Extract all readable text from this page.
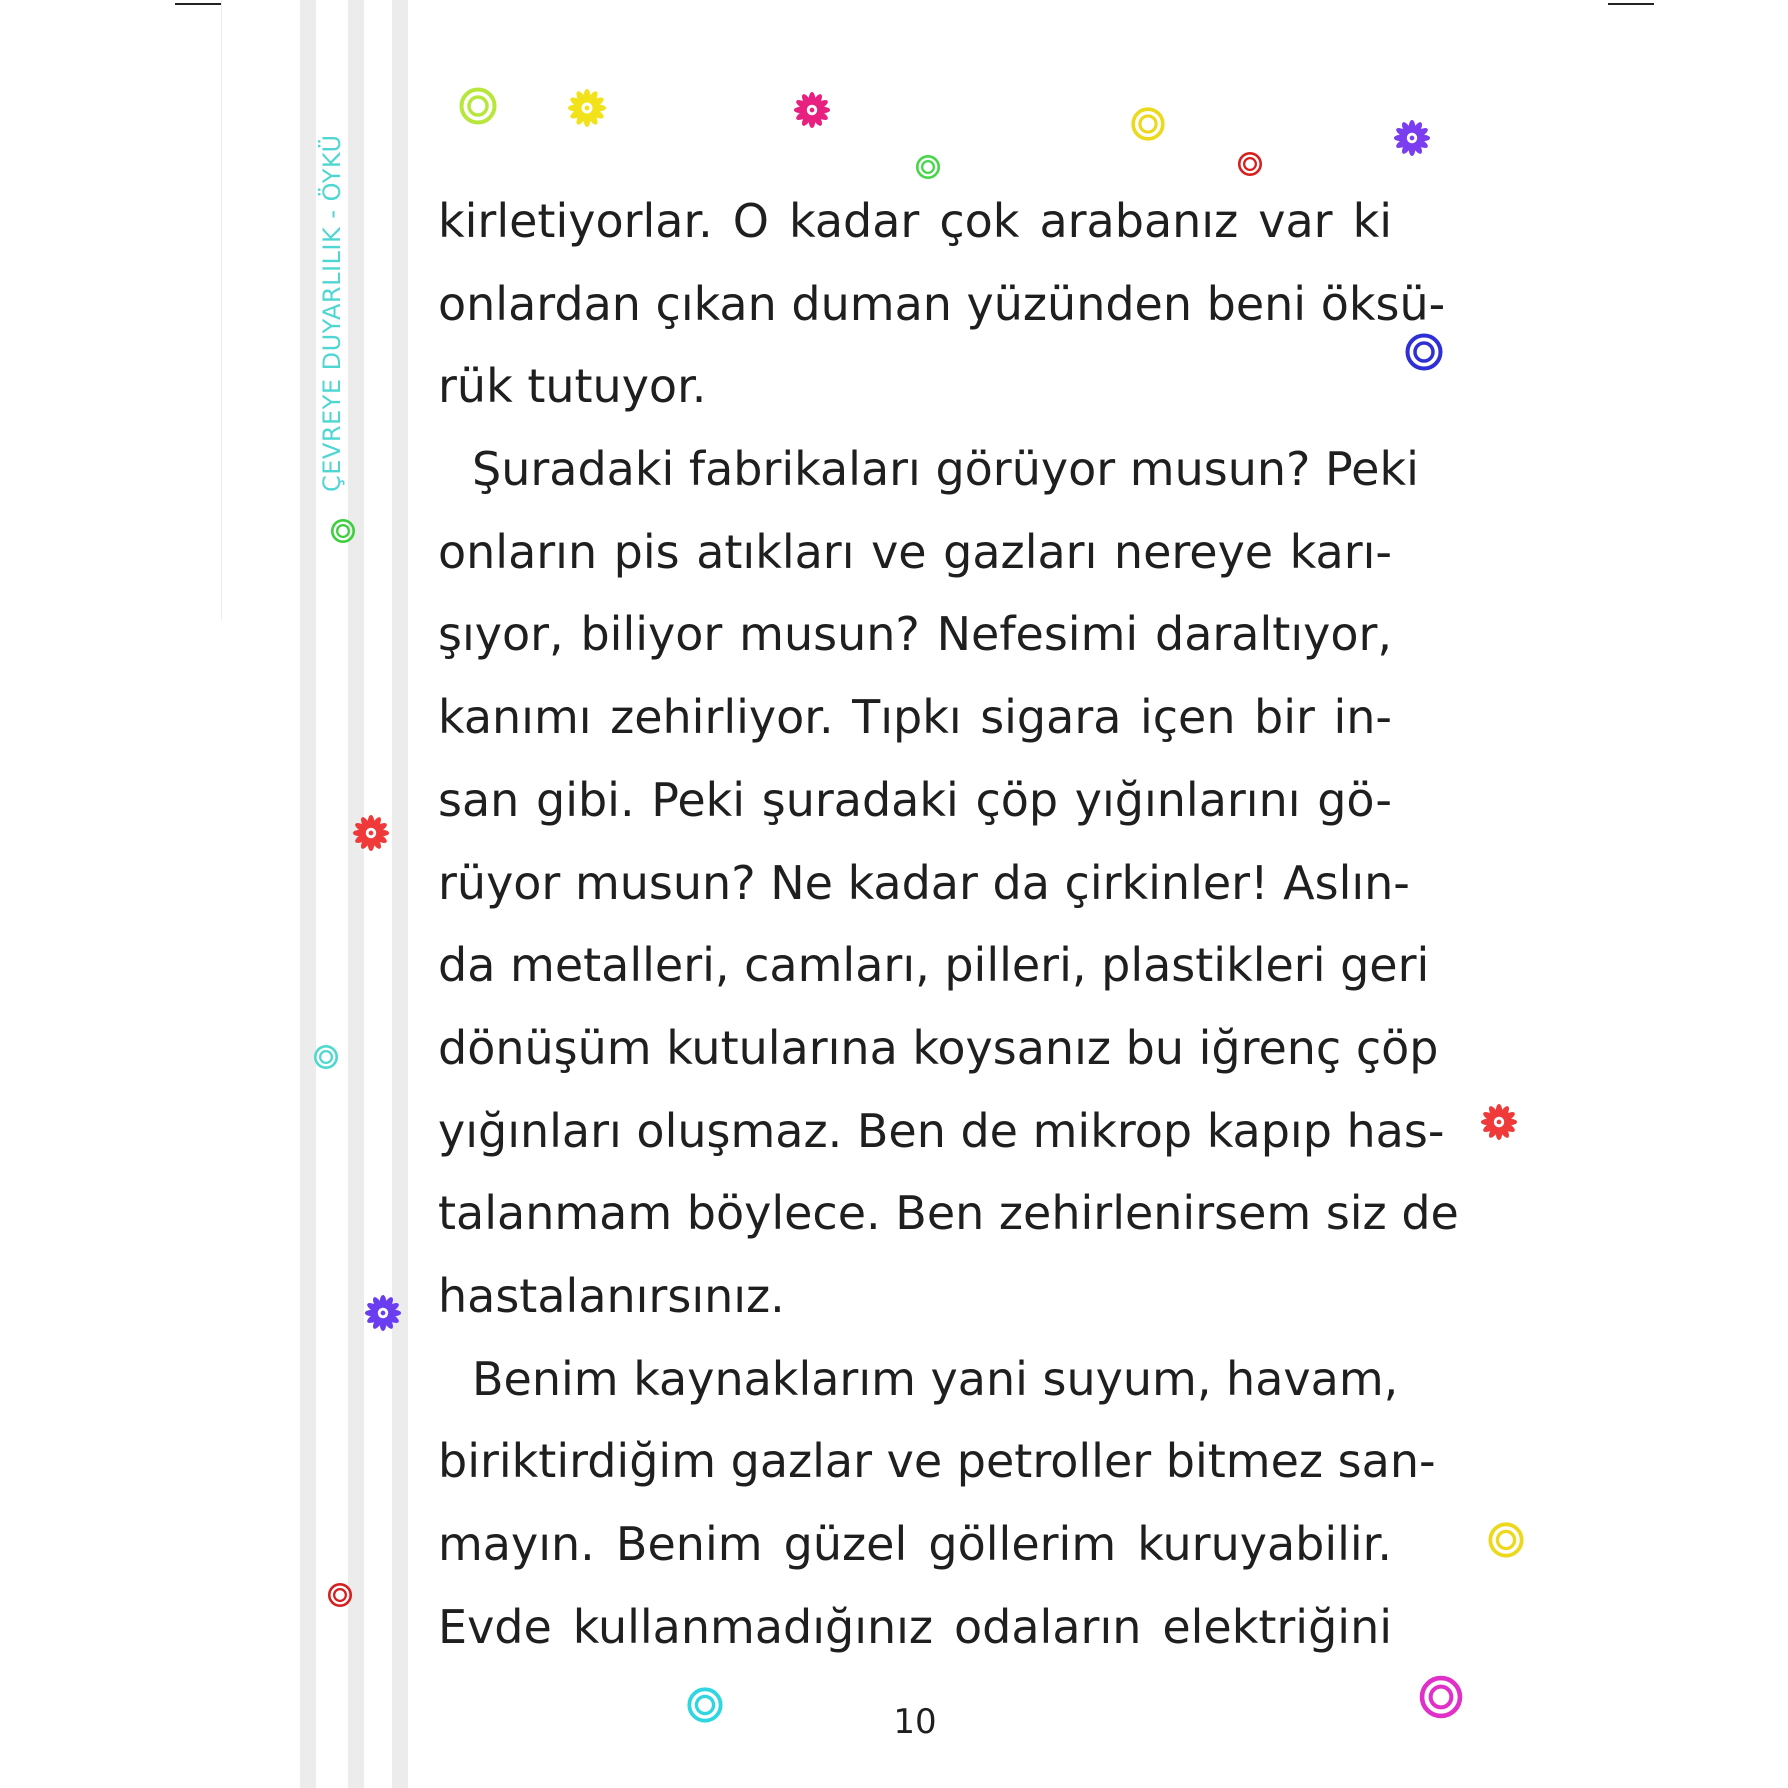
ÇEVREYE DUYARLILIK - ÖYKÜ kirletiyorlar. O kadar çok arabanız var ki
onlardan çıkan duman yüzünden beni öksü-
rük tutuyor.
Şuradaki fabrikaları görüyor musun? Peki
onların pis atıkları ve gazları nereye karı-
şıyor, biliyor musun? Nefesimi daraltıyor,
kanımı zehirliyor. Tıpkı sigara içen bir in-
san gibi. Peki şuradaki çöp yığınlarını gö-
rüyor musun? Ne kadar da çirkinler! Aslın-
da metalleri, camları, pilleri, plastikleri geri
dönüşüm kutularına koysanız bu iğrenç çöp
yığınları oluşmaz. Ben de mikrop kapıp has-
talanmam böylece. Ben zehirlenirsem siz de
hastalanırsınız.
Benim kaynaklarım yani suyum, havam,
biriktirdiğim gazlar ve petroller bitmez san-
mayın. Benim güzel göllerim kuruyabilir.
Evde kullanmadığınız odaların elektriğini
10
